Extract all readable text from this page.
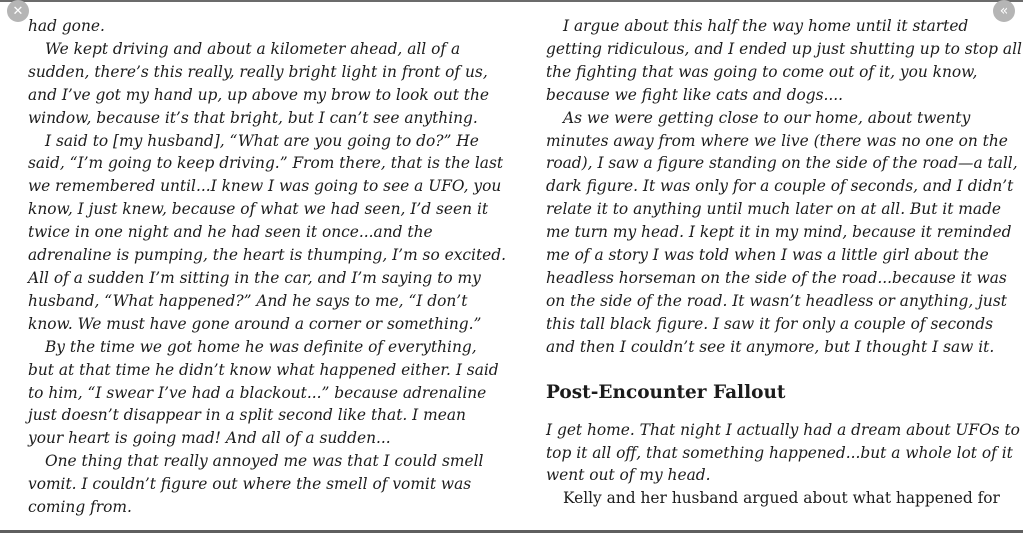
✕	«

had gone.

We kept driving and about a kilometer ahead, all of a

sudden, there’s this really, really bright light in front of us,

and I’ve got my hand up, up above my brow to look out the

window, because it’s that bright, but I can’t see anything.

I said to [my husband], “What are you going to do?” He

said, “I’m going to keep driving.” From there, that is the last

we remembered until...I knew I was going to see a UFO, you

know, I just knew, because of what we had seen, I’d seen it

twice in one night and he had seen it once...and the

adrenaline is pumping, the heart is thumping, I’m so excited.

All of a sudden I’m sitting in the car, and I’m saying to my

husband, “What happened?” And he says to me, “I don’t

know. We must have gone around a corner or something.”

By the time we got home he was definite of everything,

but at that time he didn’t know what happened either. I said

to him, “I swear I’ve had a blackout...” because adrenaline

just doesn’t disappear in a split second like that. I mean

your heart is going mad! And all of a sudden...

One thing that really annoyed me was that I could smell

vomit. I couldn’t figure out where the smell of vomit was

coming from.

I argue about this half the way home until it started

getting ridiculous, and I ended up just shutting up to stop all

the fighting that was going to come out of it, you know,

because we fight like cats and dogs....

As we were getting close to our home, about twenty

minutes away from where we live (there was no one on the

road), I saw a figure standing on the side of the road—a tall,

dark figure. It was only for a couple of seconds, and I didn’t

relate it to anything until much later on at all. But it made

me turn my head. I kept it in my mind, because it reminded

me of a story I was told when I was a little girl about the

headless horseman on the side of the road...because it was

on the side of the road. It wasn’t headless or anything, just

this tall black figure. I saw it for only a couple of seconds

and then I couldn’t see it anymore, but I thought I saw it.

Post-Encounter Fallout

I get home. That night I actually had a dream about UFOs to

top it all off, that something happened...but a whole lot of it

went out of my head.

Kelly and her husband argued about what happened for
